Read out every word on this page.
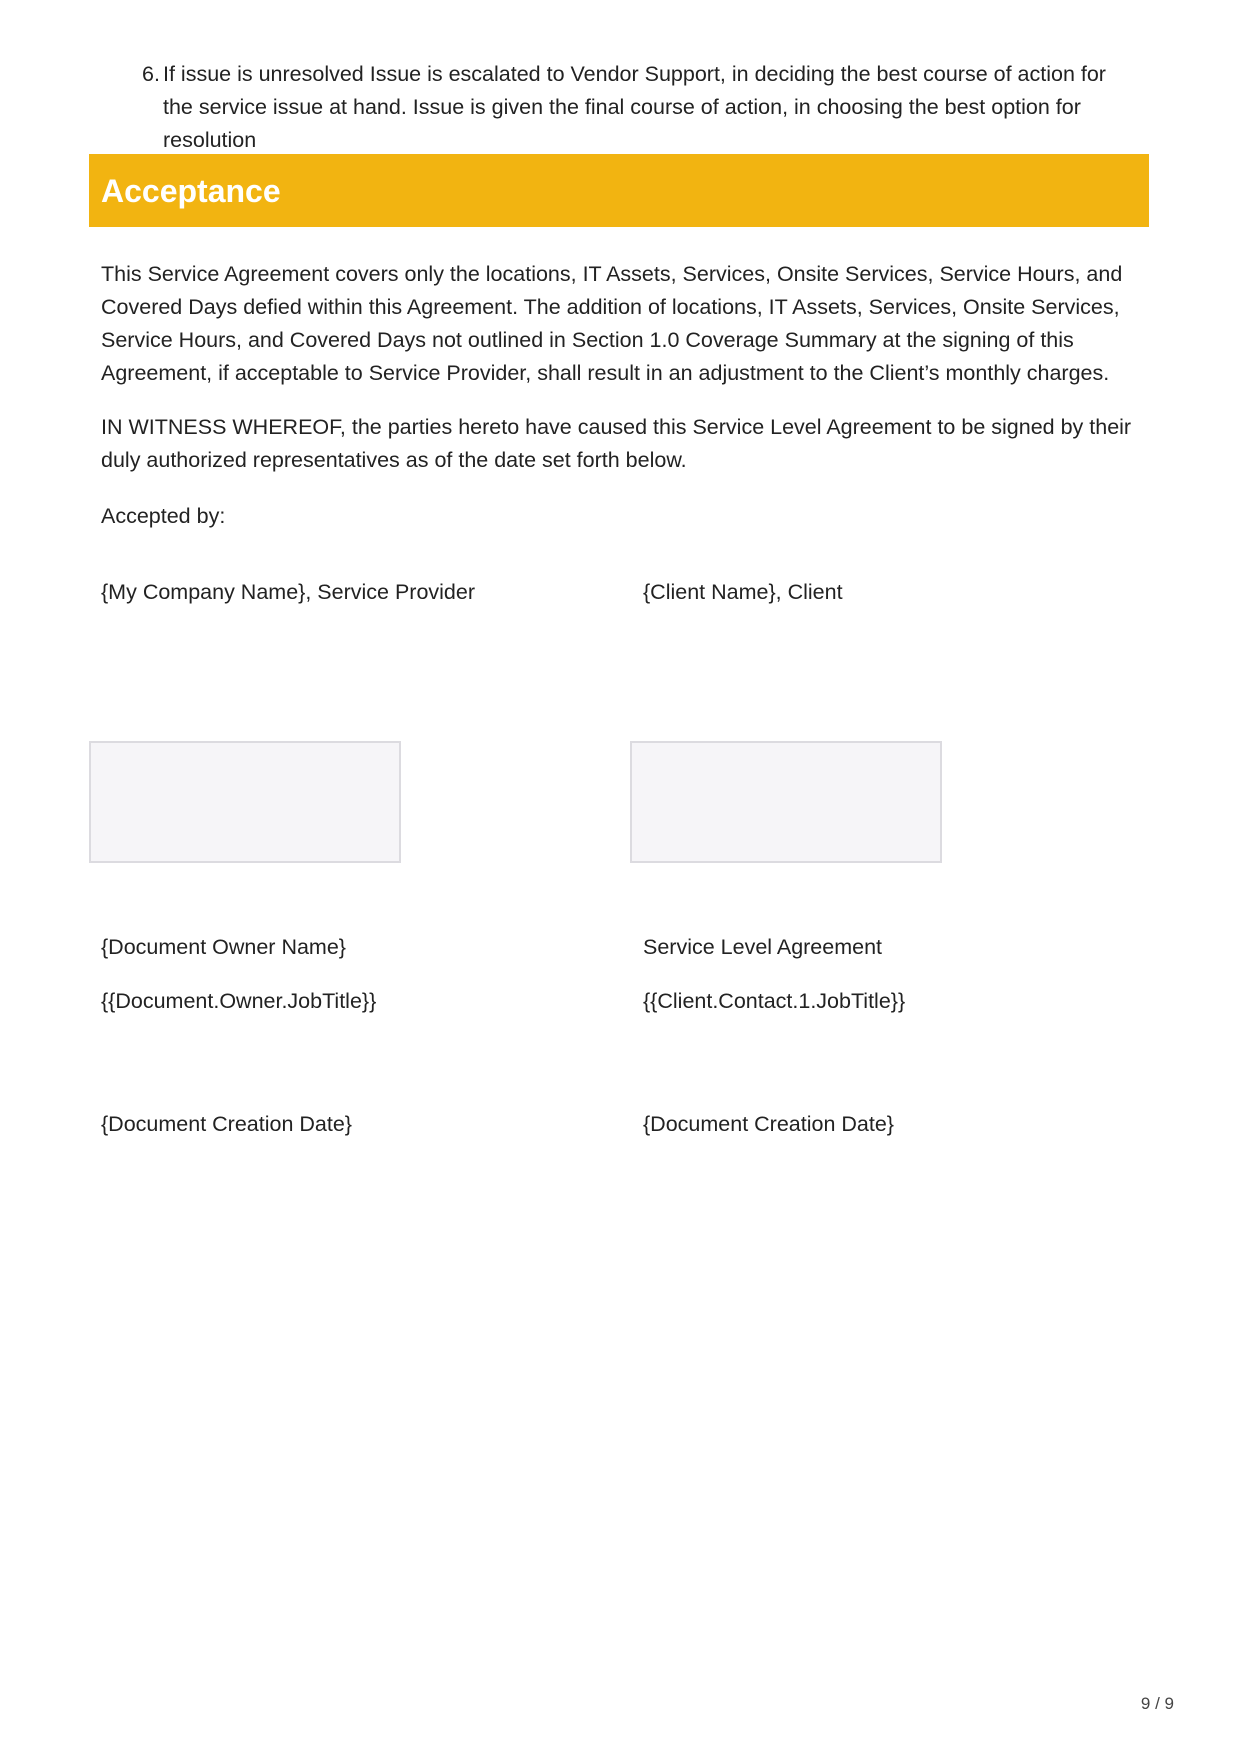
6. If issue is unresolved Issue is escalated to Vendor Support, in deciding the best course of action for the service issue at hand. Issue is given the final course of action, in choosing the best option for resolution
Acceptance

This Service Agreement covers only the locations, IT Assets, Services, Onsite Services, Service Hours, and Covered Days defied within this Agreement. The addition of locations, IT Assets, Services, Onsite Services, Service Hours, and Covered Days not outlined in Section 1.0 Coverage Summary at the signing of this Agreement, if acceptable to Service Provider, shall result in an adjustment to the Client’s monthly charges.

IN WITNESS WHEREOF, the parties hereto have caused this Service Level Agreement to be signed by their duly authorized representatives as of the date set forth below.

Accepted by:

{My Company Name}, Service Provider
{Document Owner Name}
{{Document.Owner.JobTitle}}
{Document Creation Date}
{Client Name}, Client
Service Level Agreement
{{Client.Contact.1.JobTitle}}
{Document Creation Date}
9 / 9
